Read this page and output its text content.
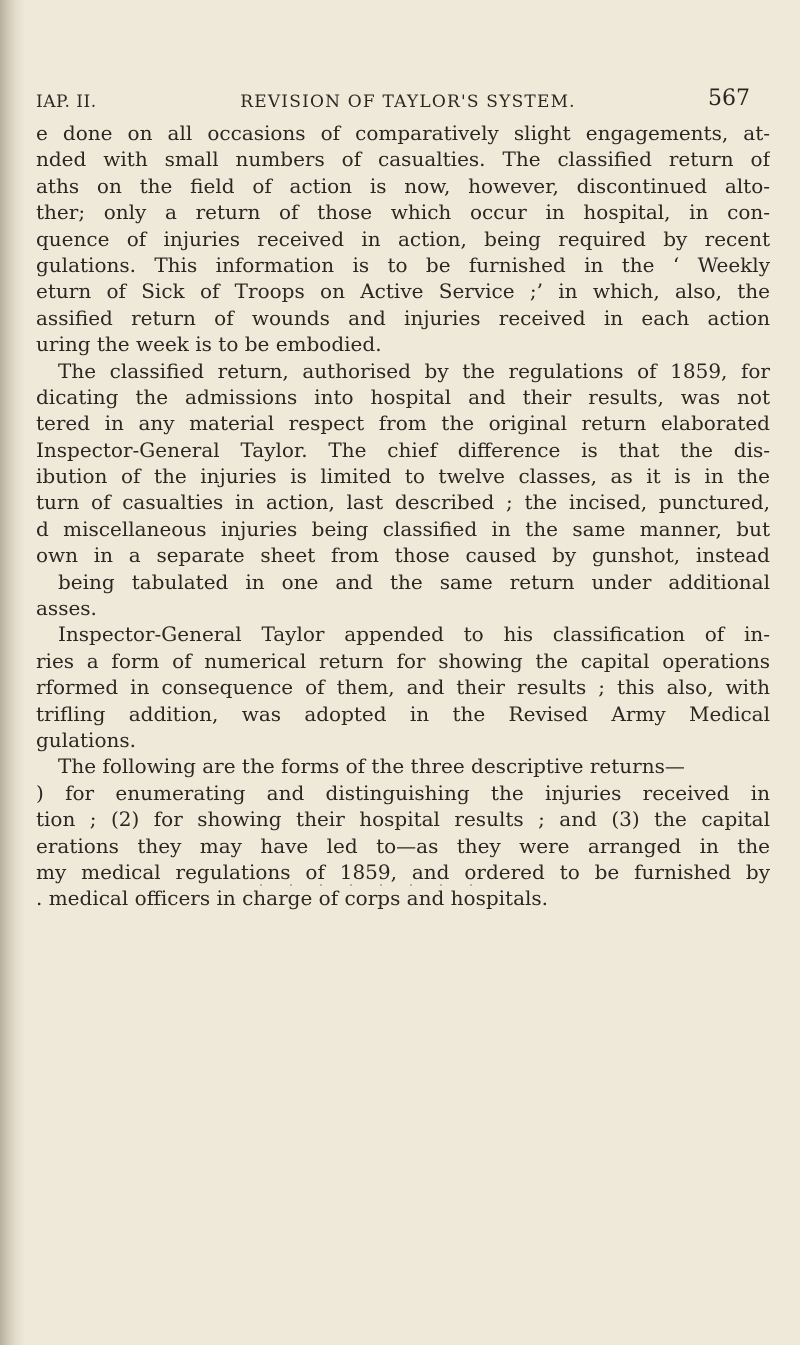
IAP. II.	REVISION OF TAYLOR'S SYSTEM.	567
e done on all occasions of comparatively slight engagements, at-
nded with small numbers of casualties. The classified return of
aths on the field of action is now, however, discontinued alto-
ther; only a return of those which occur in hospital, in con-
quence of injuries received in action, being required by recent
gulations. This information is to be furnished in the ‘ Weekly
eturn of Sick of Troops on Active Service ;’ in which, also, the
assified return of wounds and injuries received in each action
uring the week is to be embodied.
The classified return, authorised by the regulations of 1859, for
dicating the admissions into hospital and their results, was not
tered in any material respect from the original return elaborated
Inspector-General Taylor. The chief difference is that the dis-
ibution of the injuries is limited to twelve classes, as it is in the
turn of casualties in action, last described ; the incised, punctured,
d miscellaneous injuries being classified in the same manner, but
own in a separate sheet from those caused by gunshot, instead
being tabulated in one and the same return under additional
asses.
Inspector-General Taylor appended to his classification of in-
ries a form of numerical return for showing the capital operations
rformed in consequence of them, and their results ; this also, with
trifling addition, was adopted in the Revised Army Medical
gulations.
The following are the forms of the three descriptive returns—
) for enumerating and distinguishing the injuries received in
tion ; (2) for showing their hospital results ; and (3) the capital
erations they may have led to—as they were arranged in the
my medical regulations of 1859, and ordered to be furnished by
. medical officers in charge of corps and hospitals.
